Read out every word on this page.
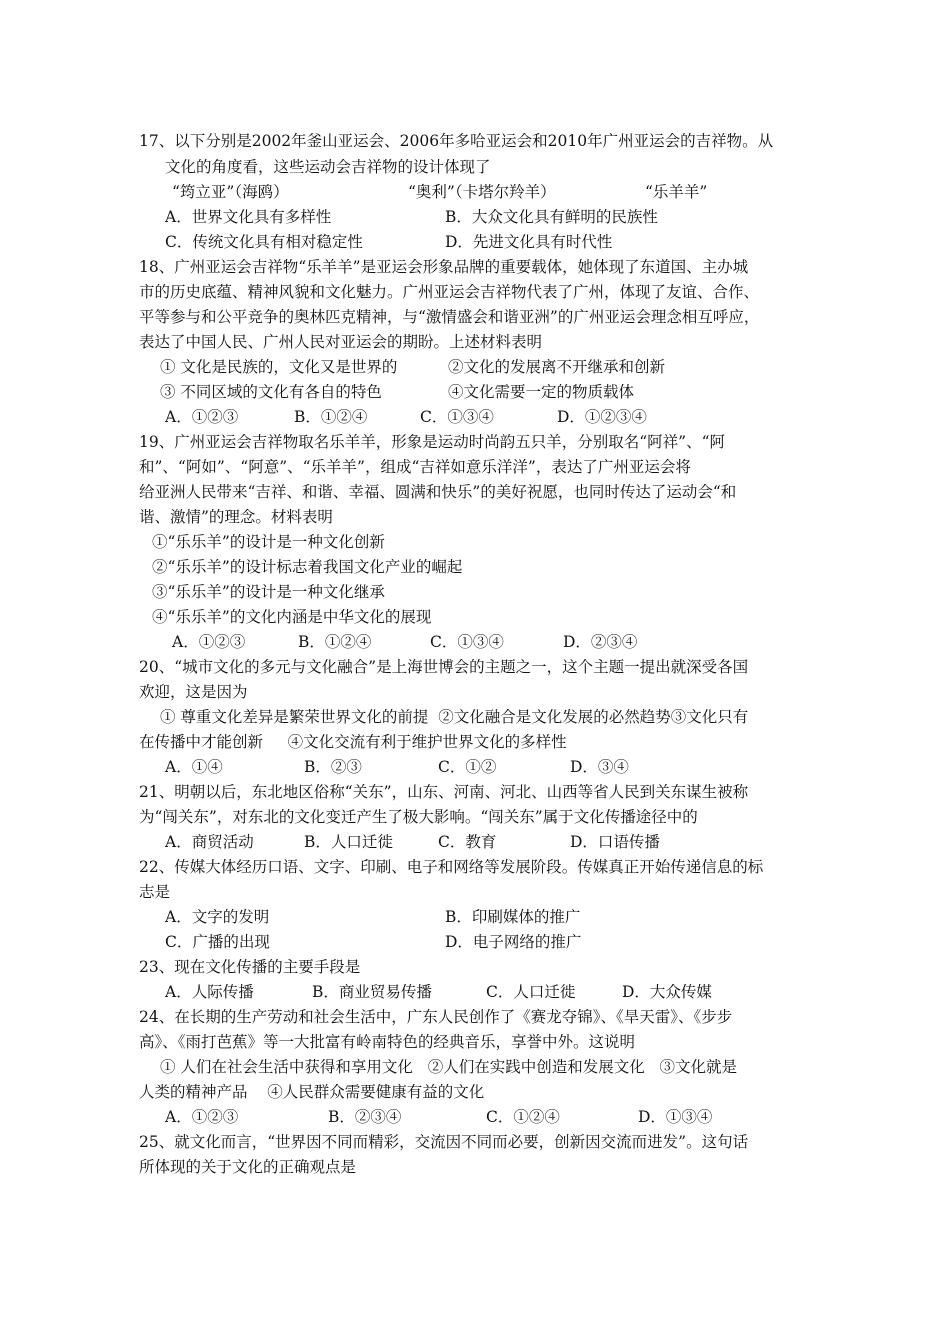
17、以下分别是2002年釜山亚运会、2006年多哈亚运会和2010年广州亚运会的吉祥物。从
文化的角度看，这些运动会吉祥物的设计体现了
“筠立亚”（海鸥）	“奥利”（卡塔尔羚羊）	“乐羊羊”
A．世界文化具有多样性	B．大众文化具有鲜明的民族性
C．传统文化具有相对稳定性	D．先进文化具有时代性
18、广州亚运会吉祥物“乐羊羊”是亚运会形象品牌的重要载体，她体现了东道国、主办城
市的历史底蕴、精神风貌和文化魅力。广州亚运会吉祥物代表了广州，体现了友谊、合作、
平等参与和公平竞争的奥林匹克精神，与“激情盛会和谐亚洲”的广州亚运会理念相互呼应，
表达了中国人民、广州人民对亚运会的期盼。上述材料表明
① 文化是民族的，文化又是世界的	②文化的发展离不开继承和创新
③ 不同区域的文化有各自的特色	④文化需要一定的物质载体
A．①②③	B．①②④	C．①③④	D．①②③④
19、广州亚运会吉祥物取名乐羊羊，形象是运动时尚韵五只羊，分别取名“阿祥”、“阿
和”、“阿如”、“阿意”、“乐羊羊”，组成“吉祥如意乐洋洋”，表达了广州亚运会将
给亚洲人民带来“吉祥、和谐、幸福、圆满和快乐”的美好祝愿，也同时传达了运动会“和
谐、激情”的理念。材料表明
①“乐乐羊”的设计是一种文化创新
②“乐乐羊”的设计标志着我国文化产业的崛起
③“乐乐羊”的设计是一种文化继承
④“乐乐羊”的文化内涵是中华文化的展现
A．①②③	B．①②④	C．①③④	D．②③④
20、“城市文化的多元与文化融合”是上海世博会的主题之一，这个主题一提出就深受各国
欢迎，这是因为
① 尊重文化差异是繁荣世界文化的前提  ②文化融合是文化发展的必然趋势③文化只有
在传播中才能创新     ④文化交流有利于维护世界文化的多样性
A．①④	B．②③	C．①②	D．③④
21、明朝以后，东北地区俗称“关东”，山东、河南、河北、山西等省人民到关东谋生被称
为“闯关东”，对东北的文化变迁产生了极大影响。“闯关东”属于文化传播途径中的
A．商贸活动	B．人口迁徙	C．教育	D．口语传播
22、传媒大体经历口语、文字、印刷、电子和网络等发展阶段。传媒真正开始传递信息的标
志是
A．文字的发明	B．印刷媒体的推广
C．广播的出现	D．电子网络的推广
23、现在文化传播的主要手段是
A．人际传播	B．商业贸易传播	C．人口迁徙	D．大众传媒
24、在长期的生产劳动和社会生活中，广东人民创作了《赛龙夺锦》、《旱天雷》、《步步
高》、《雨打芭蕉》等一大批富有岭南特色的经典音乐，享誉中外。这说明
① 人们在社会生活中获得和享用文化   ②人们在实践中创造和发展文化   ③文化就是
人类的精神产品    ④人民群众需要健康有益的文化
A．①②③	B．②③④	C．①②④	D．①③④
25、就文化而言，“世界因不同而精彩，交流因不同而必要，创新因交流而进发”。这句话
所体现的关于文化的正确观点是
